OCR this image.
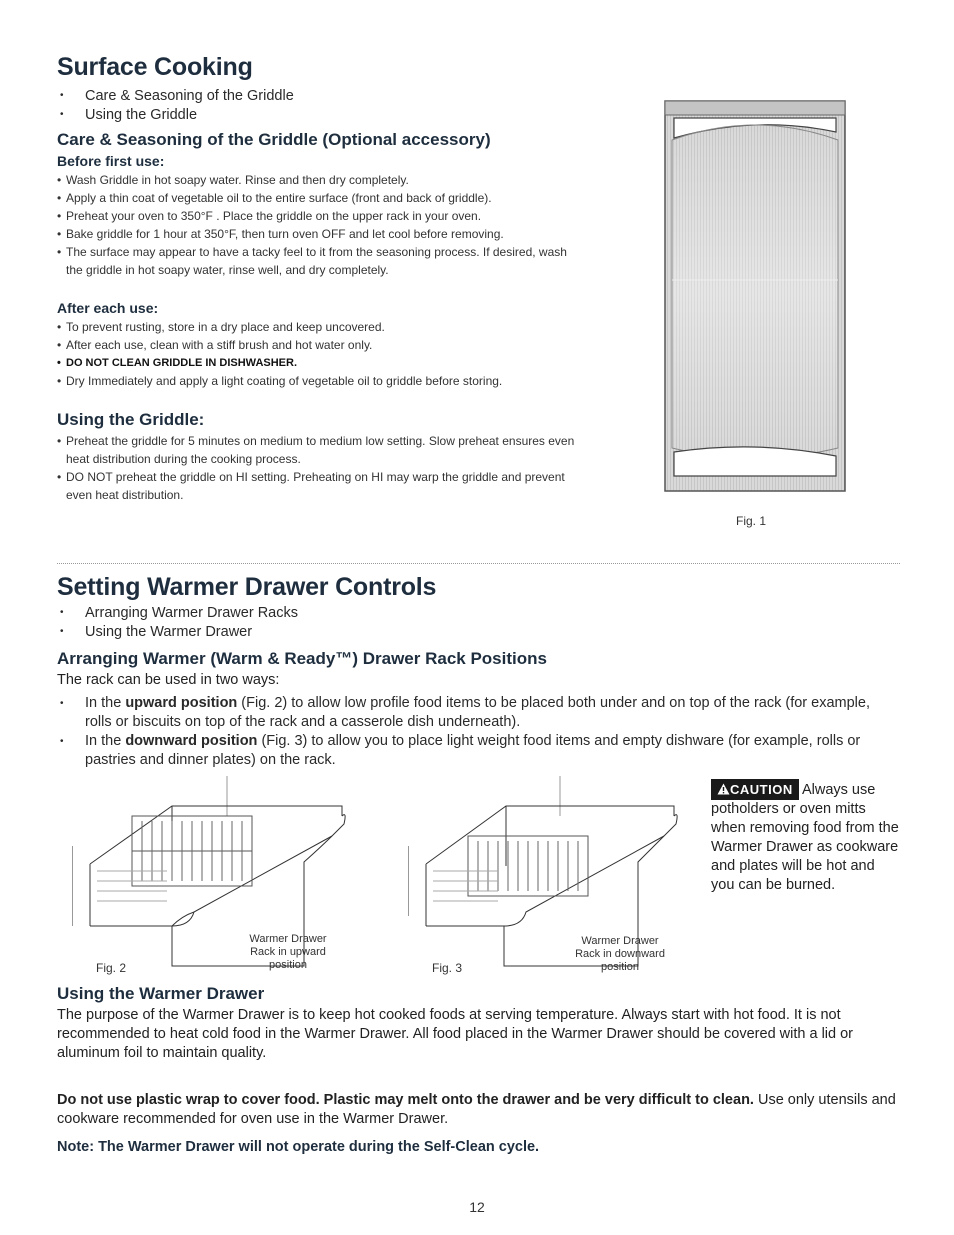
Surface Cooking
• Care & Seasoning of the Griddle
• Using the Griddle
Care & Seasoning of the Griddle (Optional accessory)
Before first use:
• Wash Griddle in hot soapy water. Rinse and then dry completely.
• Apply a thin coat of vegetable oil to the entire surface (front and back of griddle).
• Preheat your oven to 350°F . Place the griddle on the upper rack in your oven.
• Bake griddle for 1 hour at 350°F, then turn oven OFF and let cool before removing.
• The surface may appear to have a tacky feel to it from the seasoning process. If desired, wash the griddle in hot soapy water, rinse well, and dry completely.
After each use:
• To prevent rusting, store in a dry place and keep uncovered.
• After each use, clean with a stiff brush and hot water only.
• DO NOT CLEAN GRIDDLE IN DISHWASHER.
• Dry Immediately and apply a light coating of vegetable oil to griddle before storing.
Using the Griddle:
• Preheat the griddle for 5 minutes on medium to medium low setting. Slow preheat ensures even heat distribution during the cooking process.
• DO NOT preheat the griddle on HI setting. Preheating on HI may warp the griddle and prevent even heat distribution.
Fig. 1
Setting Warmer Drawer Controls
• Arranging Warmer Drawer Racks
• Using the Warmer Drawer
Arranging Warmer (Warm & Ready™) Drawer Rack Positions
The rack can be used in two ways:
• In the upward position (Fig. 2) to allow low profile food items to be placed both under and on top of the rack (for example, rolls or biscuits on top of the rack and a casserole dish underneath).
• In the downward position (Fig. 3) to allow you to place light weight food items and empty dishware (for example, rolls or pastries and dinner plates) on the rack.
Fig. 2
Warmer Drawer
Rack in upward
position	Fig. 3
Warmer Drawer
Rack in downward
position
CAUTION Always use potholders or oven mitts when removing food from the Warmer Drawer as cookware and plates will be hot and you can be burned.
Using the Warmer Drawer
The purpose of the Warmer Drawer is to keep hot cooked foods at serving temperature. Always start with hot food. It is not recommended to heat cold food in the Warmer Drawer. All food placed in the Warmer Drawer should be covered with a lid or aluminum foil to maintain quality.
Do not use plastic wrap to cover food. Plastic may melt onto the drawer and be very difficult to clean. Use only utensils and cookware recommended for oven use in the Warmer Drawer.
Note: The Warmer Drawer will not operate during the Self-Clean cycle.
12
